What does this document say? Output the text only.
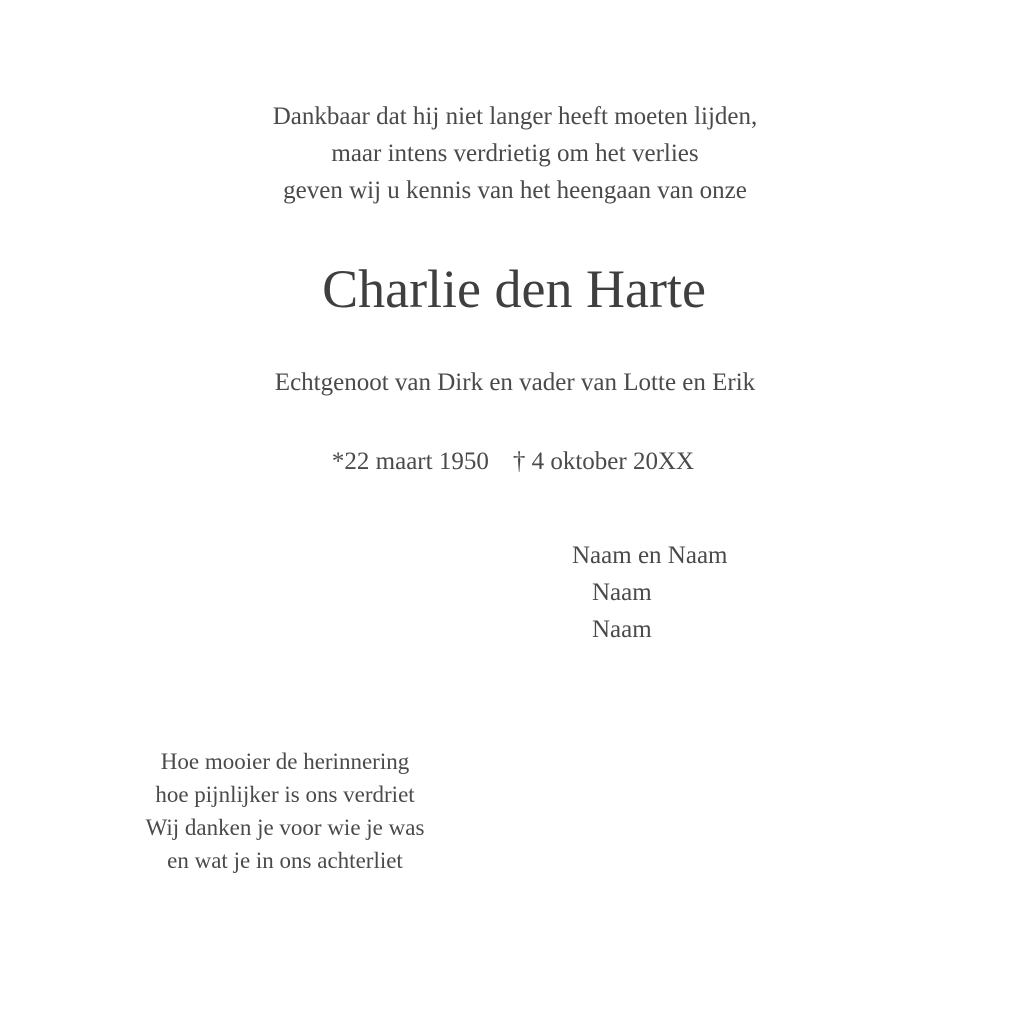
Dankbaar dat hij niet langer heeft moeten lijden,
maar intens verdrietig om het verlies
geven wij u kennis van het heengaan van onze
Charlie den Harte
Echtgenoot van Dirk en vader van Lotte en Erik
*22 maart 1950 † 4 oktober 20XX
Naam en Naam
Naam
Naam
Hoe mooier de herinnering
hoe pijnlijker is ons verdriet
Wij danken je voor wie je was
en wat je in ons achterliet
